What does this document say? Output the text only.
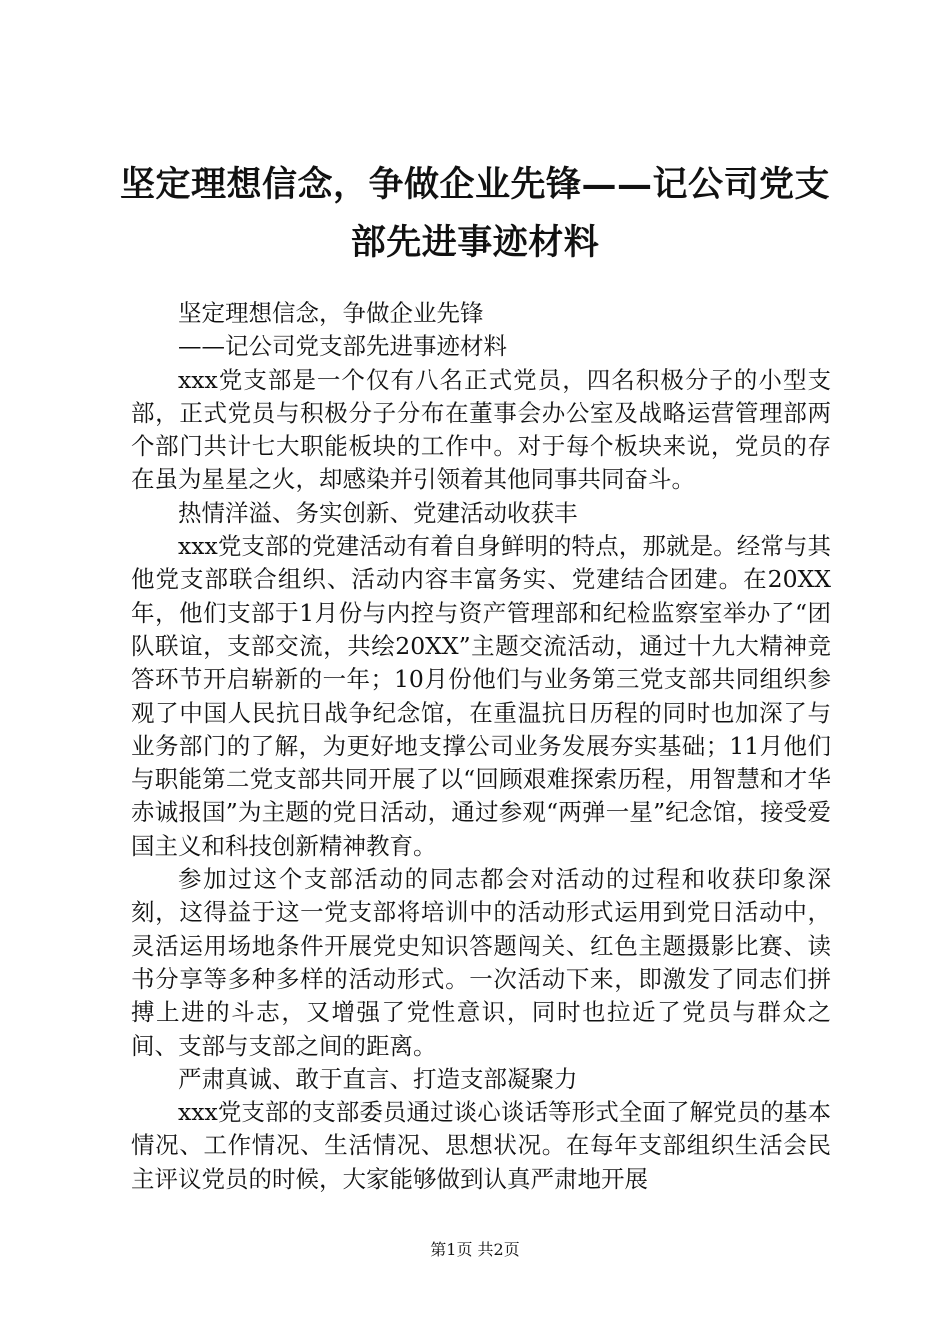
坚定理想信念，争做企业先锋——记公司党支
部先进事迹材料

坚定理想信念，争做企业先锋

——记公司党支部先进事迹材料

xxx党支部是一个仅有八名正式党员，四名积极分子的小型支部，正式党员与积极分子分布在董事会办公室及战略运营管理部两个部门共计七大职能板块的工作中。对于每个板块来说，党员的存在虽为星星之火，却感染并引领着其他同事共同奋斗。

热情洋溢、务实创新、党建活动收获丰

xxx党支部的党建活动有着自身鲜明的特点，那就是。经常与其他党支部联合组织、活动内容丰富务实、党建结合团建。在20XX年，他们支部于1月份与内控与资产管理部和纪检监察室举办了“团队联谊，支部交流，共绘20XX”主题交流活动，通过十九大精神竞答环节开启崭新的一年；10月份他们与业务第三党支部共同组织参观了中国人民抗日战争纪念馆，在重温抗日历程的同时也加深了与业务部门的了解，为更好地支撑公司业务发展夯实基础；11月他们与职能第二党支部共同开展了以“回顾艰难探索历程，用智慧和才华赤诚报国”为主题的党日活动，通过参观“两弹一星”纪念馆，接受爱国主义和科技创新精神教育。

参加过这个支部活动的同志都会对活动的过程和收获印象深刻，这得益于这一党支部将培训中的活动形式运用到党日活动中，灵活运用场地条件开展党史知识答题闯关、红色主题摄影比赛、读书分享等多种多样的活动形式。一次活动下来，即激发了同志们拼搏上进的斗志，又增强了党性意识，同时也拉近了党员与群众之间、支部与支部之间的距离。

严肃真诚、敢于直言、打造支部凝聚力

xxx党支部的支部委员通过谈心谈话等形式全面了解党员的基本情况、工作情况、生活情况、思想状况。在每年支部组织生活会民主评议党员的时候，大家能够做到认真严肃地开展

第1页 共2页
